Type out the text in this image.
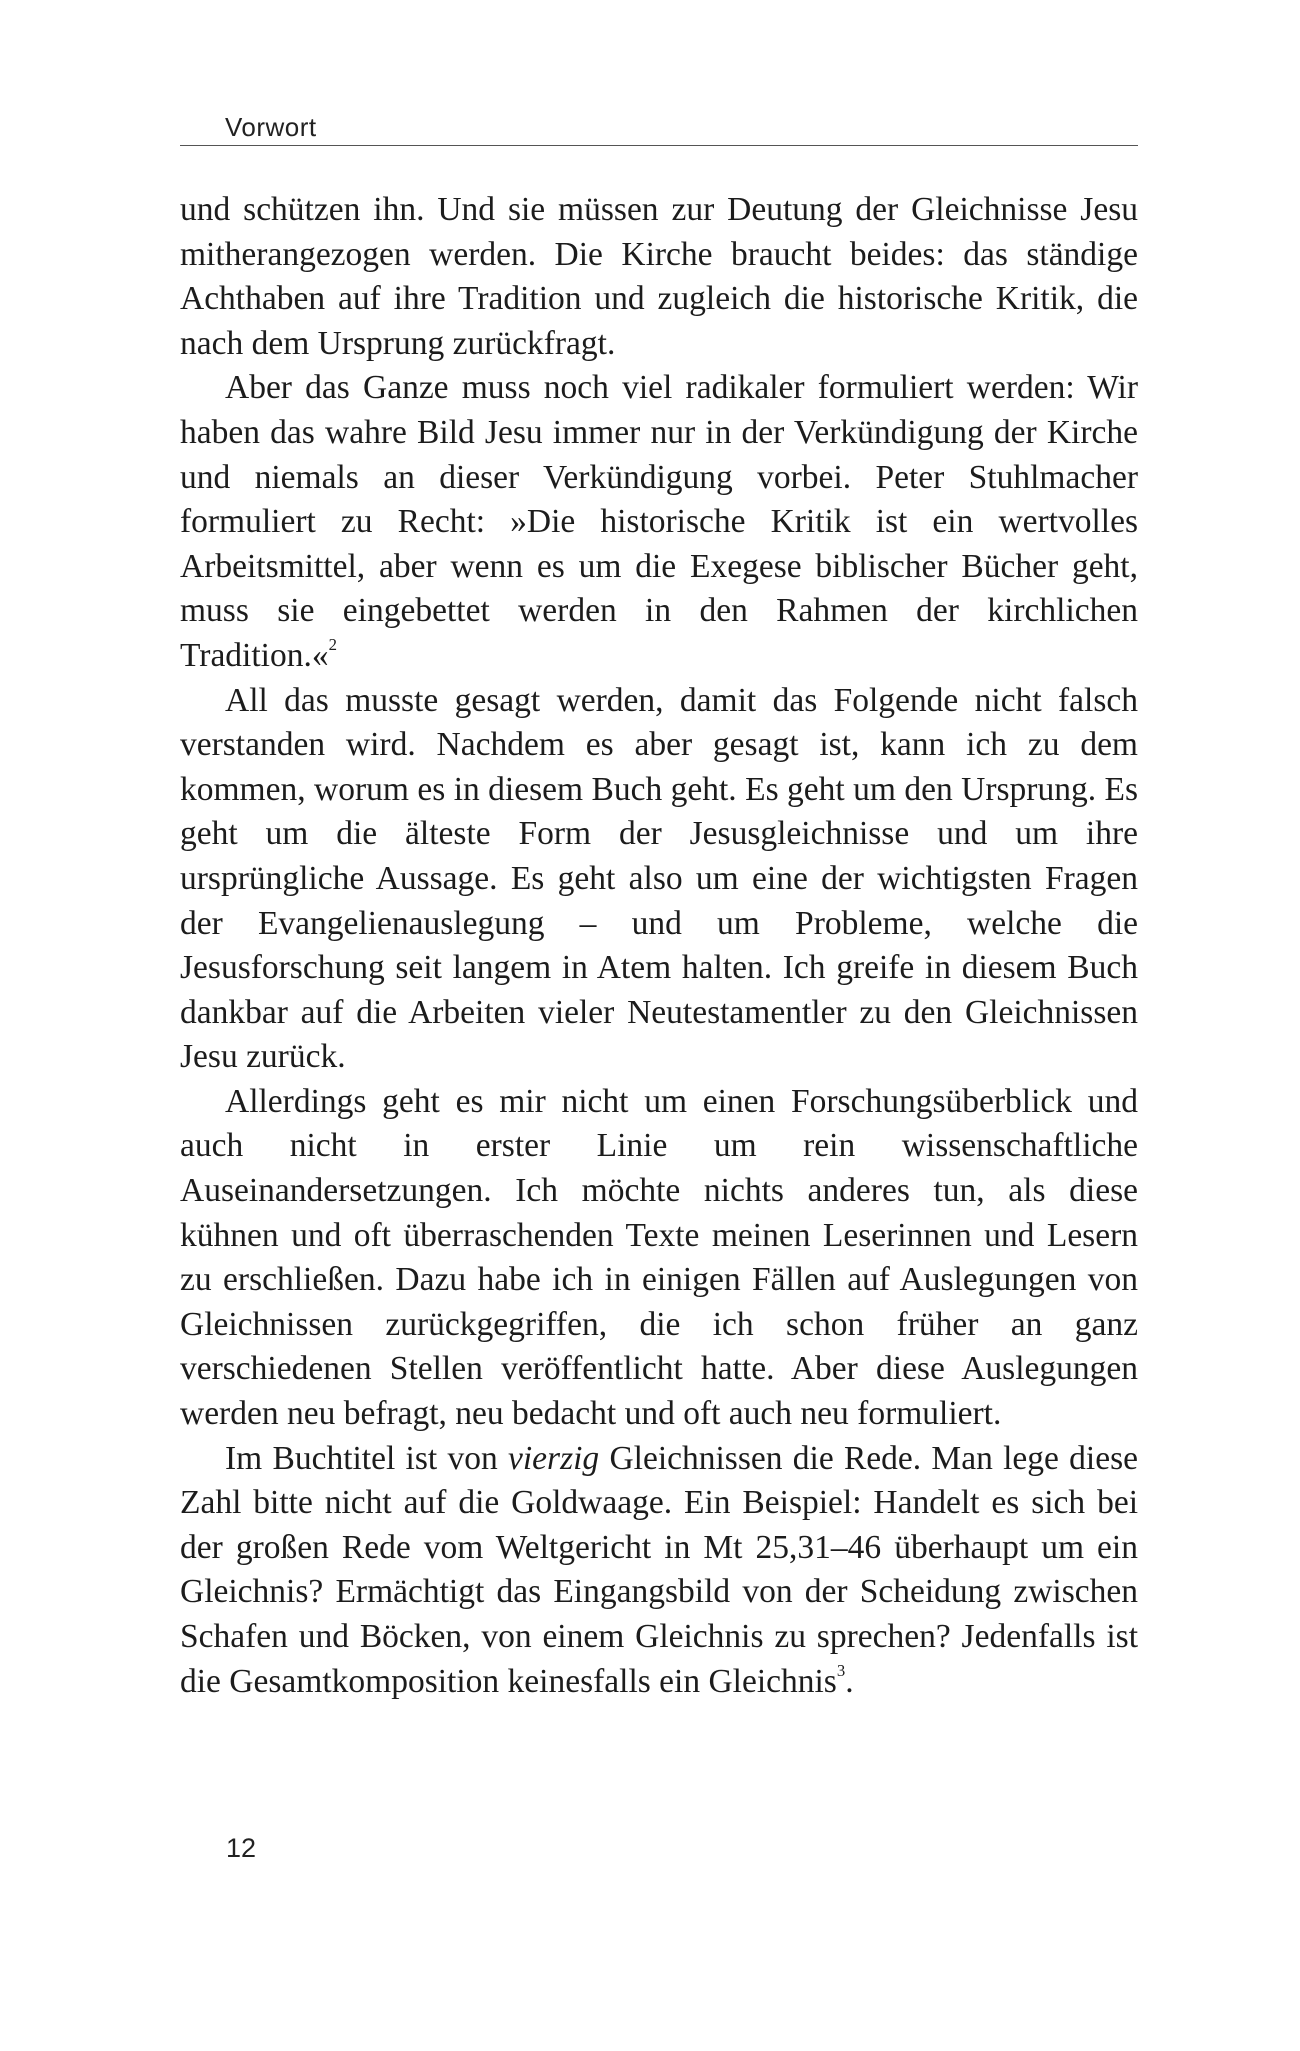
Vorwort

und schützen ihn. Und sie müssen zur Deutung der Gleichnisse Jesu mitherangezogen werden. Die Kirche braucht beides: das ständige Achthaben auf ihre Tradition und zugleich die historische Kritik, die nach dem Ursprung zurückfragt.

Aber das Ganze muss noch viel radikaler formuliert werden: Wir haben das wahre Bild Jesu immer nur in der Verkündigung der Kirche und niemals an dieser Verkündigung vorbei. Peter Stuhlmacher formuliert zu Recht: »Die historische Kritik ist ein wertvolles Arbeitsmittel, aber wenn es um die Exegese biblischer Bücher geht, muss sie eingebettet werden in den Rahmen der kirchlichen Tradition.«$^2$

All das musste gesagt werden, damit das Folgende nicht falsch verstanden wird. Nachdem es aber gesagt ist, kann ich zu dem kommen, worum es in diesem Buch geht. Es geht um den Ursprung. Es geht um die älteste Form der Jesusgleichnisse und um ihre ursprüngliche Aussage. Es geht also um eine der wichtigsten Fragen der Evangelienauslegung – und um Probleme, welche die Jesusforschung seit langem in Atem halten. Ich greife in diesem Buch dankbar auf die Arbeiten vieler Neutestamentler zu den Gleichnissen Jesu zurück.

Allerdings geht es mir nicht um einen Forschungsüberblick und auch nicht in erster Linie um rein wissenschaftliche Auseinandersetzungen. Ich möchte nichts anderes tun, als diese kühnen und oft überraschenden Texte meinen Leserinnen und Lesern zu erschließen. Dazu habe ich in einigen Fällen auf Auslegungen von Gleichnissen zurückgegriffen, die ich schon früher an ganz verschiedenen Stellen veröffentlicht hatte. Aber diese Auslegungen werden neu befragt, neu bedacht und oft auch neu formuliert.

Im Buchtitel ist von vierzig Gleichnissen die Rede. Man lege diese Zahl bitte nicht auf die Goldwaage. Ein Beispiel: Handelt es sich bei der großen Rede vom Weltgericht in Mt 25,31–46 überhaupt um ein Gleichnis? Ermächtigt das Eingangsbild von der Scheidung zwischen Schafen und Böcken, von einem Gleichnis zu sprechen? Jedenfalls ist die Gesamtkomposition keinesfalls ein Gleichnis$^3$.

12
